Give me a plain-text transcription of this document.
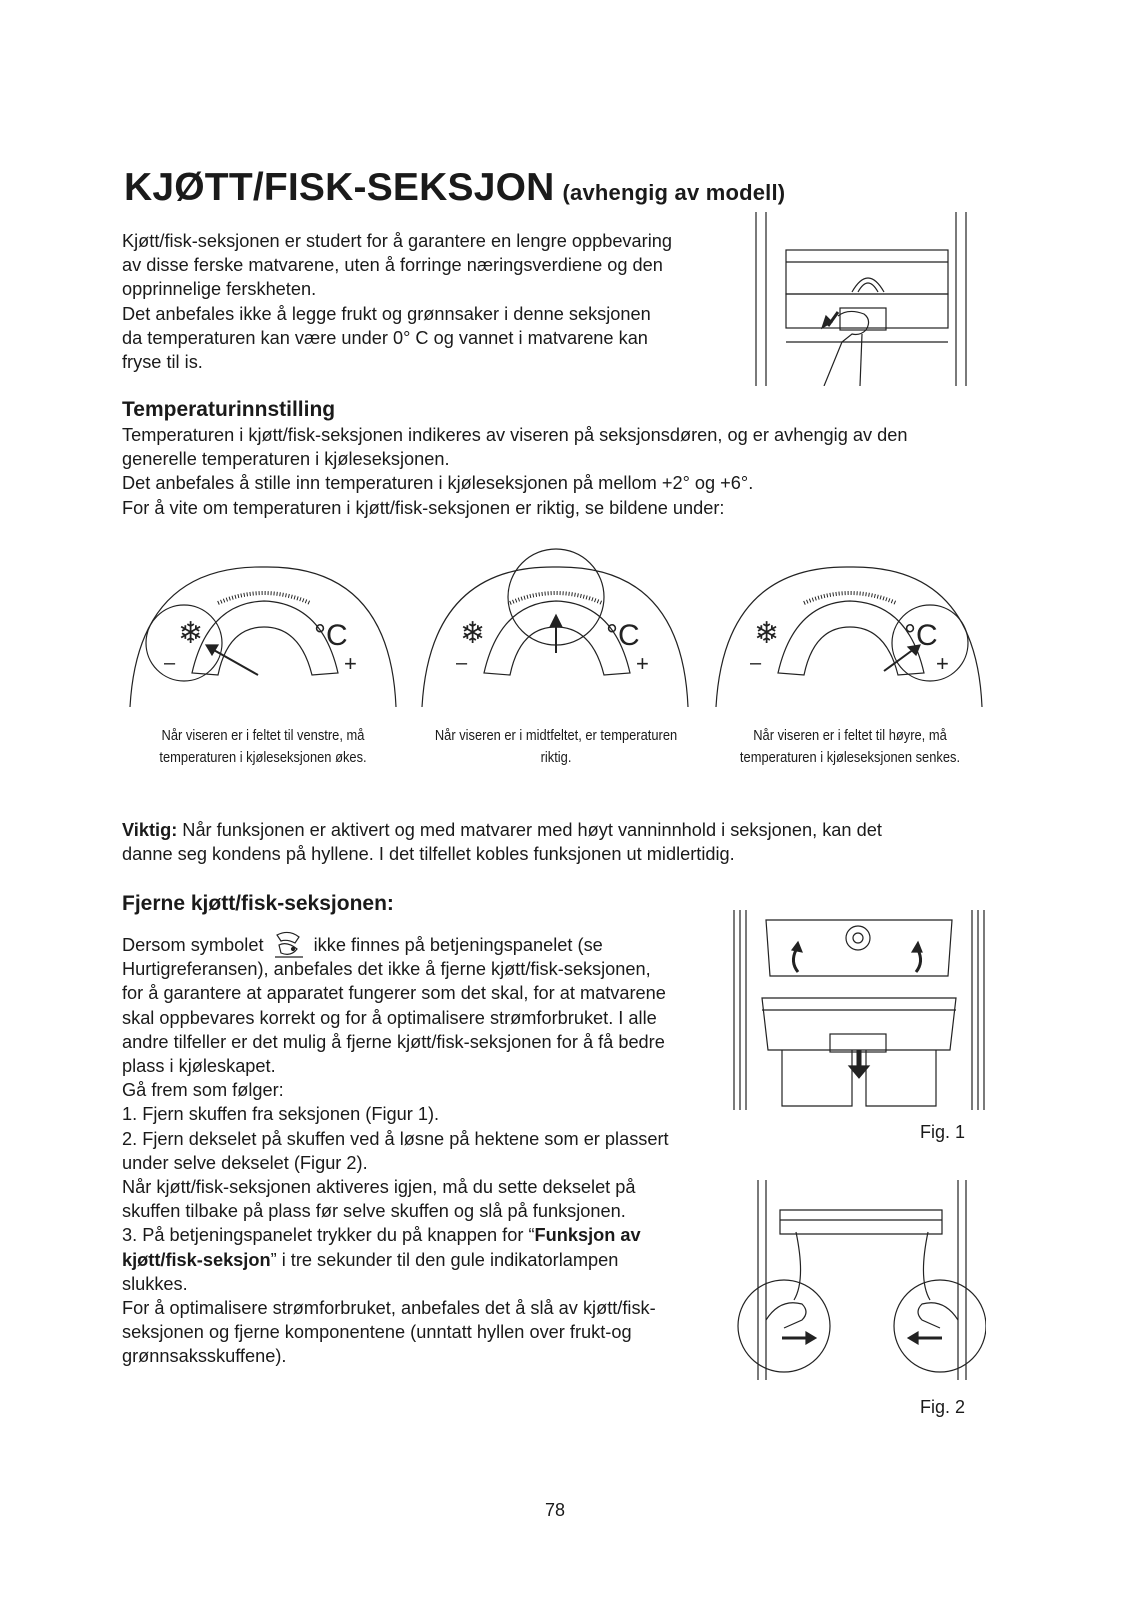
KJØTT/FISK-SEKSJON (avhengig av modell)

Kjøtt/fisk-seksjonen er studert for å garantere en lengre oppbevaring

av disse ferske matvarene, uten å forringe næringsverdiene og den

opprinnelige ferskheten.

Det anbefales ikke å legge frukt og grønnsaker i denne seksjonen

da temperaturen kan være under 0° C og vannet i matvarene kan

fryse til is.

Temperaturinnstilling

Temperaturen i kjøtt/fisk-seksjonen indikeres av viseren på seksjonsdøren, og er avhengig av den

generelle temperaturen i kjøleseksjonen.

Det anbefales å stille inn temperaturen i kjøleseksjonen på mellom +2° og +6°.

For å vite om temperaturen i kjøtt/fisk-seksjonen er riktig, se bildene under:

❄	°C
–	+
Når viseren er i feltet til venstre, må
temperaturen i kjøleseksjonen økes.
❄	°C
–	+
Når viseren er i midtfeltet, er temperaturen
riktig.
❄	°C
–	+
Når viseren er i feltet til høyre, må
temperaturen i kjøleseksjonen senkes.

Viktig: Når funksjonen er aktivert og med matvarer med høyt vanninnhold i seksjonen, kan det

danne seg kondens på hyllene. I det tilfellet kobles funksjonen ut midlertidig.

Fjerne kjøtt/fisk-seksjonen:

Dersom symbolet	ikke finnes på betjeningspanelet (se

Hurtigreferansen), anbefales det ikke å fjerne kjøtt/fisk-seksjonen,

for å garantere at apparatet fungerer som det skal, for at matvarene

skal oppbevares korrekt og for å optimalisere strømforbruket. I alle

andre tilfeller er det mulig å fjerne kjøtt/fisk-seksjonen for å få bedre

plass i kjøleskapet.

Gå frem som følger:

1. Fjern skuffen fra seksjonen (Figur 1).

2. Fjern dekselet på skuffen ved å løsne på hektene som er plassert

under selve dekselet (Figur 2).

Når kjøtt/fisk-seksjonen aktiveres igjen, må du sette dekselet på

skuffen tilbake på plass før selve skuffen og slå på funksjonen.

3. På betjeningspanelet trykker du på knappen for “Funksjon av

kjøtt/fisk-seksjon” i tre sekunder til den gule indikatorlampen

slukkes.

For å optimalisere strømforbruket, anbefales det å slå av kjøtt/fisk-

seksjonen og fjerne komponentene (unntatt hyllen over frukt-og

grønnsaksskuffene).

Fig. 1
Fig. 2
78
